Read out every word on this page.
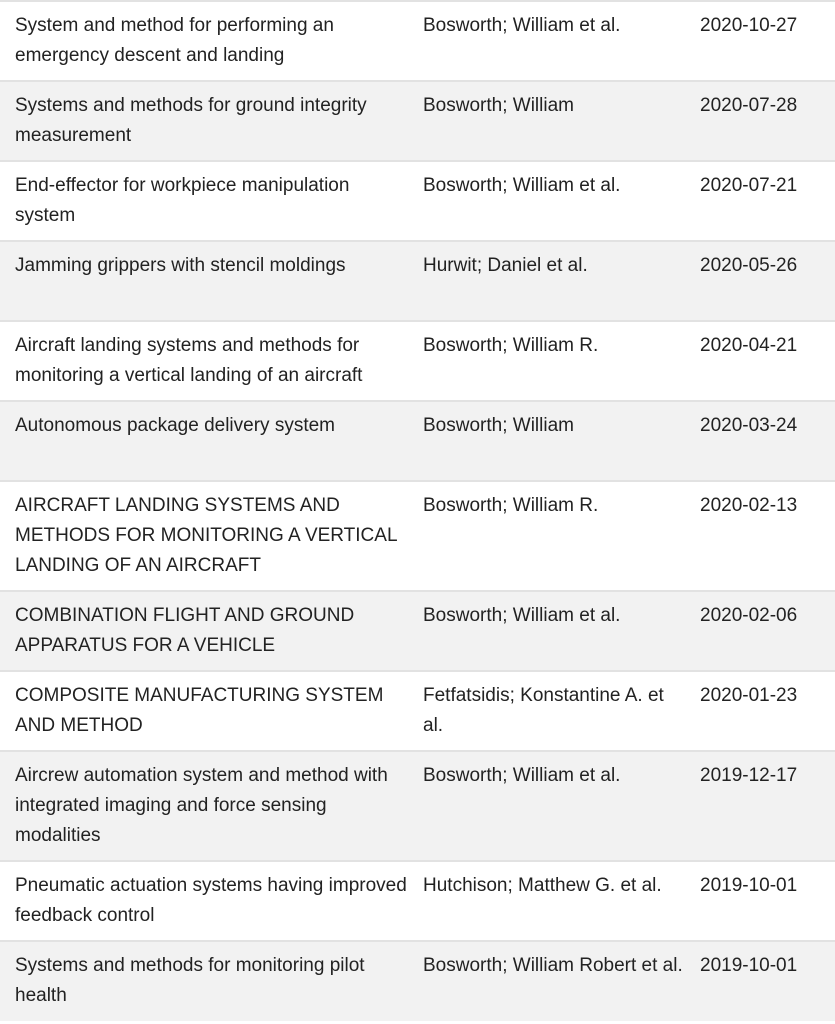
System and method for performing an emergency descent and landing	Bosworth; William et al.	2020-10-27
Systems and methods for ground integrity measurement	Bosworth; William	2020-07-28
End-effector for workpiece manipulation system	Bosworth; William et al.	2020-07-21
Jamming grippers with stencil moldings	Hurwit; Daniel et al.	2020-05-26
Aircraft landing systems and methods for monitoring a vertical landing of an aircraft	Bosworth; William R.	2020-04-21
Autonomous package delivery system	Bosworth; William	2020-03-24
AIRCRAFT LANDING SYSTEMS AND METHODS FOR MONITORING A VERTICAL LANDING OF AN AIRCRAFT	Bosworth; William R.	2020-02-13
COMBINATION FLIGHT AND GROUND APPARATUS FOR A VEHICLE	Bosworth; William et al.	2020-02-06
COMPOSITE MANUFACTURING SYSTEM AND METHOD	Fetfatsidis; Konstantine A. et al.	2020-01-23
Aircrew automation system and method with integrated imaging and force sensing modalities	Bosworth; William et al.	2019-12-17
Pneumatic actuation systems having improved feedback control	Hutchison; Matthew G. et al.	2019-10-01
Systems and methods for monitoring pilot health	Bosworth; William Robert et al.	2019-10-01
